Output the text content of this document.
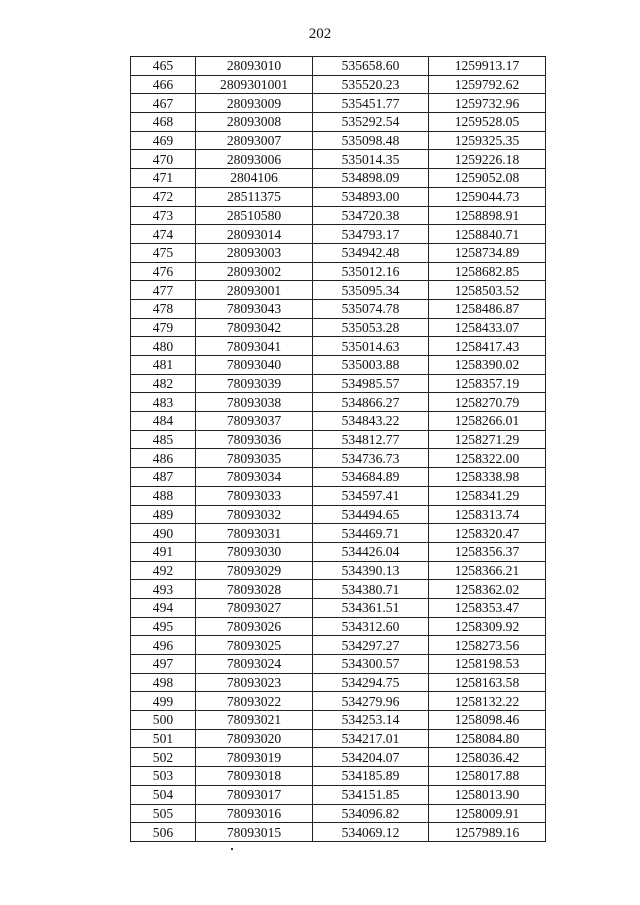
202
465	28093010	535658.60	1259913.17
466	2809301001	535520.23	1259792.62
467	28093009	535451.77	1259732.96
468	28093008	535292.54	1259528.05
469	28093007	535098.48	1259325.35
470	28093006	535014.35	1259226.18
471	2804106	534898.09	1259052.08
472	28511375	534893.00	1259044.73
473	28510580	534720.38	1258898.91
474	28093014	534793.17	1258840.71
475	28093003	534942.48	1258734.89
476	28093002	535012.16	1258682.85
477	28093001	535095.34	1258503.52
478	78093043	535074.78	1258486.87
479	78093042	535053.28	1258433.07
480	78093041	535014.63	1258417.43
481	78093040	535003.88	1258390.02
482	78093039	534985.57	1258357.19
483	78093038	534866.27	1258270.79
484	78093037	534843.22	1258266.01
485	78093036	534812.77	1258271.29
486	78093035	534736.73	1258322.00
487	78093034	534684.89	1258338.98
488	78093033	534597.41	1258341.29
489	78093032	534494.65	1258313.74
490	78093031	534469.71	1258320.47
491	78093030	534426.04	1258356.37
492	78093029	534390.13	1258366.21
493	78093028	534380.71	1258362.02
494	78093027	534361.51	1258353.47
495	78093026	534312.60	1258309.92
496	78093025	534297.27	1258273.56
497	78093024	534300.57	1258198.53
498	78093023	534294.75	1258163.58
499	78093022	534279.96	1258132.22
500	78093021	534253.14	1258098.46
501	78093020	534217.01	1258084.80
502	78093019	534204.07	1258036.42
503	78093018	534185.89	1258017.88
504	78093017	534151.85	1258013.90
505	78093016	534096.82	1258009.91
506	78093015	534069.12	1257989.16
